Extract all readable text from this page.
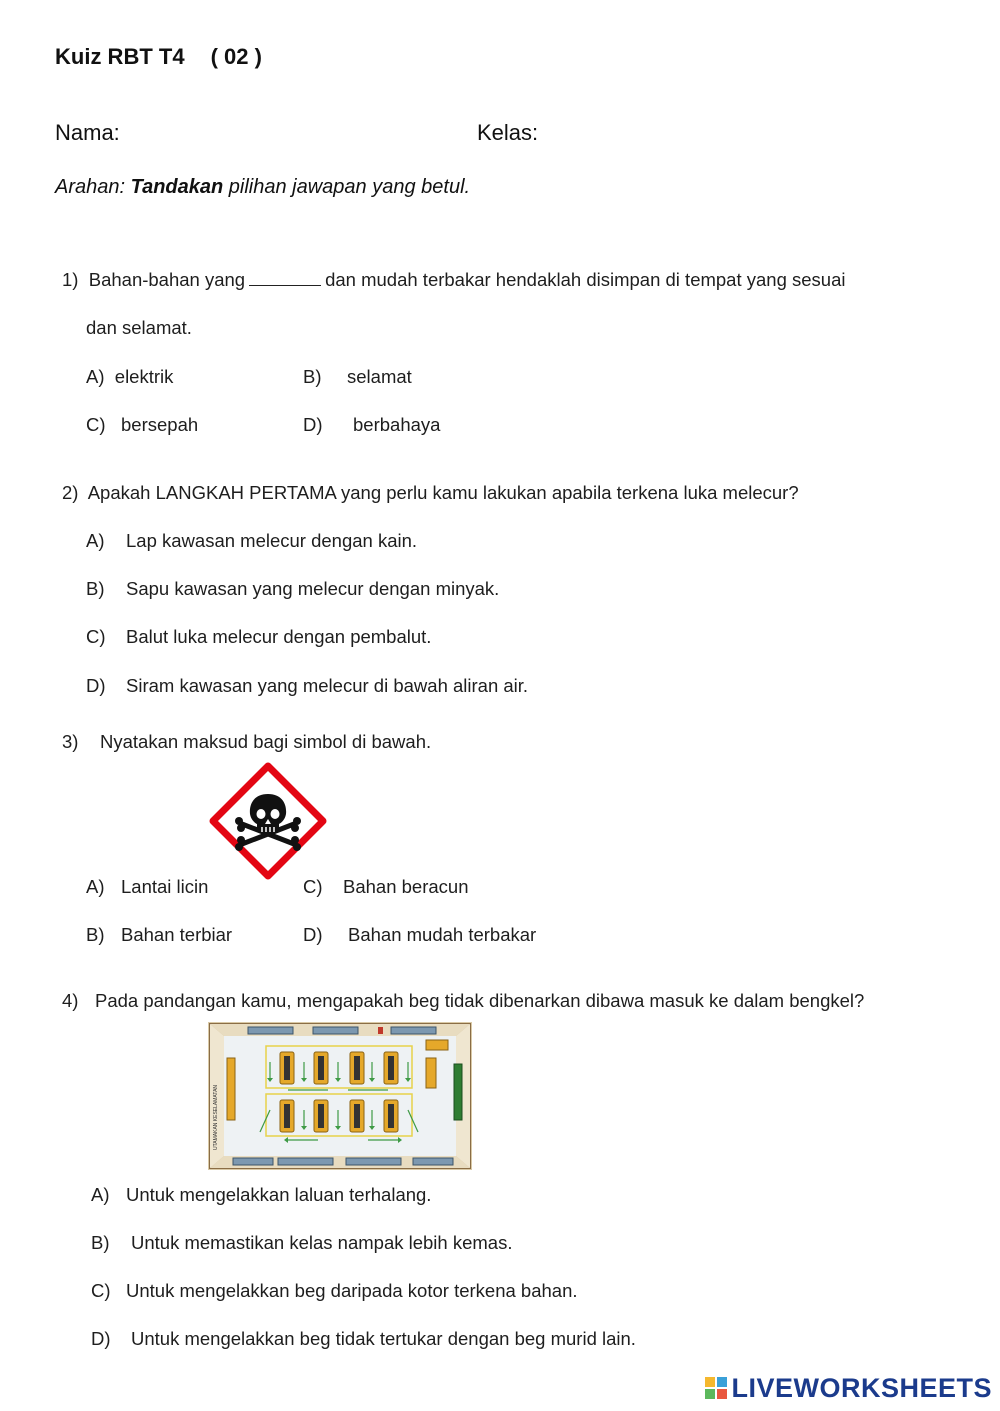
Kuiz RBT T4 ( 02 )
Nama:	Kelas:
Arahan: Tandakan pilihan jawapan yang betul.
1) Bahan-bahan yang	dan mudah terbakar hendaklah disimpan di tempat yang sesuai
dan selamat.
A) elektrik	B) selamat
C) bersepah	D) berbahaya
2) Apakah LANGKAH PERTAMA yang perlu kamu lakukan apabila terkena luka melecur?
A) Lap kawasan melecur dengan kain.
B) Sapu kawasan yang melecur dengan minyak.
C) Balut luka melecur dengan pembalut.
D) Siram kawasan yang melecur di bawah aliran air.
3) Nyatakan maksud bagi simbol di bawah.
A) Lantai licin	C) Bahan beracun
B) Bahan terbiar	D) Bahan mudah terbakar
4) Pada pandangan kamu, mengapakah beg tidak dibenarkan dibawa masuk ke dalam bengkel?
UTAMAKAN KESELAMATAN
A) Untuk mengelakkan laluan terhalang.
B) Untuk memastikan kelas nampak lebih kemas.
C) Untuk mengelakkan beg daripada kotor terkena bahan.
D) Untuk mengelakkan beg tidak tertukar dengan beg murid lain.
LIVEWORKSHEETS
